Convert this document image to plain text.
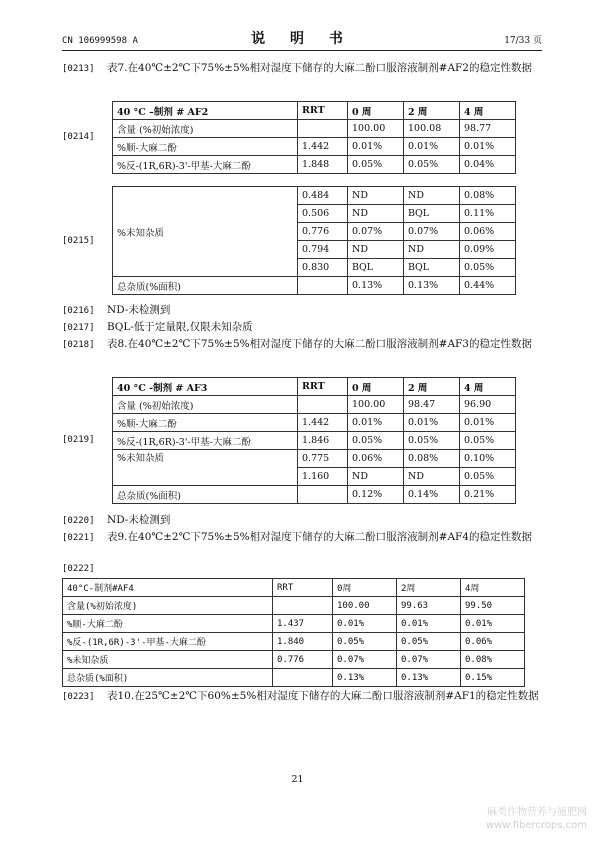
CN 106999598 A	说 明 书	17/33 页
[0213] 表7.在40℃±2℃下75%±5%相对湿度下储存的大麻二酚口服溶液制剂#AF2的稳定性数据
[0214]
40 °C –制剂 # AF2	RRT	0 周	2 周	4 周
含量 (%初始浓度)		100.00	100.08	98.77
%顺-大麻二酚	1.442	0.01%	0.01%	0.01%
%反-(1R,6R)-3'-甲基-大麻二酚	1.848	0.05%	0.05%	0.04%
[0215]
%未知杂质	0.484	ND	ND	0.08%
	0.506	ND	BQL	0.11%
	0.776	0.07%	0.07%	0.06%
	0.794	ND	ND	0.09%
	0.830	BQL	BQL	0.05%
总杂质(%面积)		0.13%	0.13%	0.44%
[0216] ND-未检测到
[0217] BQL-低于定量限,仅限未知杂质
[0218] 表8.在40℃±2℃下75%±5%相对湿度下储存的大麻二酚口服溶液制剂#AF3的稳定性数据
[0219]
40 °C -制剂 # AF3	RRT	0 周	2 周	4 周
含量 (%初始浓度)		100.00	98.47	96.90
%顺-大麻二酚	1.442	0.01%	0.01%	0.01%
%反-(1R,6R)-3'-甲基-大麻二酚	1.846	0.05%	0.05%	0.05%
%未知杂质	0.775	0.06%	0.08%	0.10%
	1.160	ND	ND	0.05%
总杂质(%面积)		0.12%	0.14%	0.21%
[0220] ND-未检测到
[0221] 表9.在40℃±2℃下75%±5%相对湿度下储存的大麻二酚口服溶液制剂#AF4的稳定性数据
[0222]
40°C-制剂#AF4	RRT	0周	2周	4周
含量(%初始浓度)		100.00	99.63	99.50
%顺-大麻二酚	1.437	0.01%	0.01%	0.01%
%反-(1R,6R)-3'-甲基-大麻二酚	1.840	0.05%	0.05%	0.06%
%未知杂质	0.776	0.07%	0.07%	0.08%
总杂质(%面积)		0.13%	0.13%	0.15%
[0223] 表10.在25℃±2℃下60%±5%相对湿度下储存的大麻二酚口服溶液制剂#AF1的稳定性数据
21
麻类作物营养与施肥网
www.fibercrops.com
